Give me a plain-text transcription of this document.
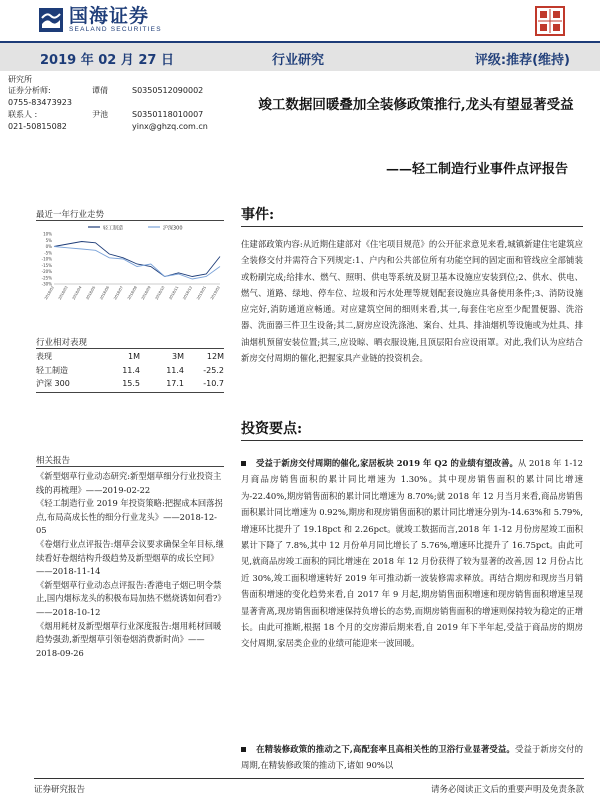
国海证券
SEALAND SECURITIES
2019 年 02 月 27 日	行业研究	评级:推荐(维持)
研究所
证券分析师:	谭倩	S0350512090002
0755-83473923
联系人 :	尹池	S0350118010007
021-50815082	yinx@ghzq.com.cn
最近一年行业走势
轻工制造	沪深300
10%
5%
0%
-5%
-10%
-15%
-20%
-25%
-30%
2018/02 2018/03 2018/04 2018/05 2018/06 2018/07 2018/08 2018/09 2018/10 2018/11 2018/12 2019/01 2019/02
行业相对表现
表现	1M	3M	12M
轻工制造	11.4	11.4	-25.2
沪深 300	15.5	17.1	-10.7
相关报告
《新型烟草行业动态研究:新型烟草细分行业投资主线的再梳理》——2019-02-22
《轻工制造行业 2019 年投资策略:把握成本回落拐点,布局高成长性的细分行业龙头》——2018-12-05
《卷烟行业点评报告:烟草会议要求确保全年目标,继续看好卷烟结构升级趋势及新型烟草的成长空间》——2018-11-14
《新型烟草行业动态点评报告:香港电子烟已明令禁止,国内烟标龙头的积极布局加热不燃烧诱如何看?》——2018-10-12
《烟用耗材及新型烟草行业深度报告:烟用耗材回暖趋势强劲,新型烟草引领卷烟消费新时尚》——2018-09-26
竣工数据回暖叠加全装修政策推行,龙头有望显著受益
——轻工制造行业事件点评报告
事件:
住建部政策内容:从近期住建部对《住宅项目规范》的公开征求意见来看,城镇新建住宅建筑应全装修交付并需符合下列规定:1、户内和公共部位所有功能空间的固定面和管线应全部铺装或粉刷完成;给排水、燃气、照明、供电等系统及厨卫基本设施应安装到位;2、供水、供电、燃气、道路、绿地、停车位、垃圾和污水处理等规划配套设施应具备使用条件;3、消防设施应完好,消防通道应畅通。对应建筑空间的细则来看,其一,每套住宅应至少配置便器、洗浴器、洗面器三件卫生设备;其二,厨房应设洗涤池、案台、灶具、排油烟机等设施或为灶具、排油烟机预留安装位置;其三,应设晾、晒衣服设施,且顶层阳台应设雨罩。对此,我们认为应结合新房交付周期的催化,把握家具产业链的投资机会。
投资要点:
受益于新房交付周期的催化,家居板块 2019 年 Q2 的业绩有望改善。从 2018 年 1-12 月商品房销售面积的累计同比增速为 1.30%。其中现房销售面积的累计同比增速为-22.40%,期房销售面积的累计同比增速为 8.70%;就 2018 年 12 月当月来看,商品房销售面积累计同比增速为 0.92%,期房和现房销售面积的累计同比增速分别为-14.63%和 5.79%,增速环比提升了 19.18pct 和 2.26pct。就竣工数据而言,2018 年 1-12 月份房屋竣工面积累计下降了 7.8%,其中 12 月份单月同比增长了 5.76%,增速环比提升了 16.75pct。由此可见,就商品房竣工面积的同比增速在 2018 年 12 月份获得了较为显著的改善,因 12 月份占比近 30%,竣工面积增速转好 2019 年可推动新一波装修需求释放。再结合期房和现房当月销售面积增速的变化趋势来看,自 2017 年 9 月起,期房销售面积增速和现房销售面积增速呈现显著背离,现房销售面积增速保持负增长的态势,而期房销售面积的增速则保持较为稳定的正增长。由此可推断,根据 18 个月的交房滞后期来看,自 2019 年下半年起,受益于商品房的期房交付周期,家居类企业的业绩可能迎来一波回暖。
在精装修政策的推动之下,高配套率且高相关性的卫浴行业显著受益。受益于新房交付的周期,在精装修政策的推动下,诸如 90%以
证券研究报告	请务必阅读正文后的重要声明及免责条款
